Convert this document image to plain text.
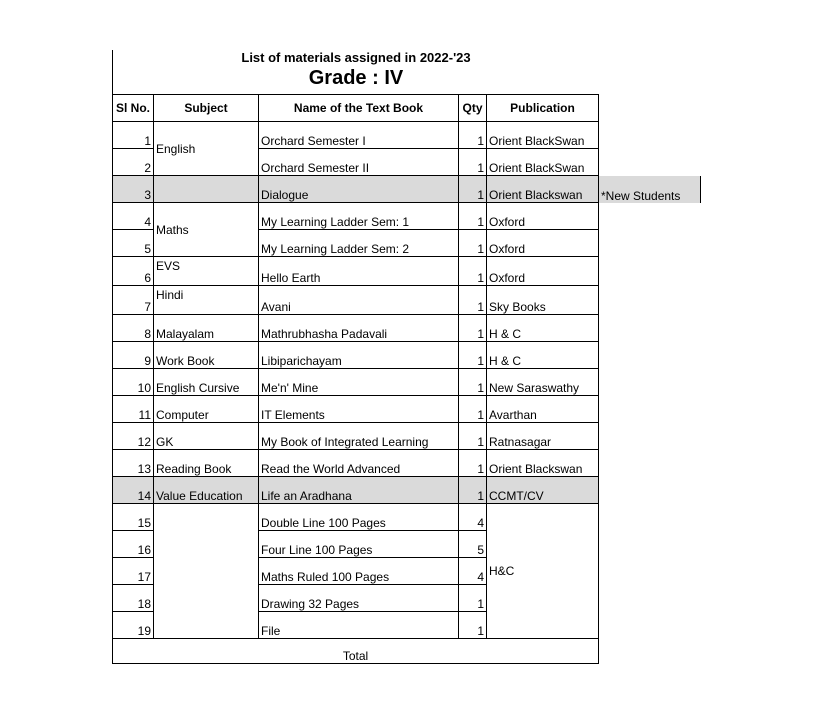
List of materials assigned in 2022-'23
Grade : IV
Sl No.	Subject	Name of the Text Book	Qty	Publication	
1	English	Orchard Semester I	1	Orient BlackSwan	
2		Orchard Semester II	1	Orient BlackSwan	
3		Dialogue	1	Orient Blackswan	*New Students
4	Maths	My Learning Ladder Sem: 1	1	Oxford	
5		My Learning Ladder Sem: 2	1	Oxford	
6	EVS	Hello Earth	1	Oxford	
7	Hindi	Avani	1	Sky Books	
8	Malayalam	Mathrubhasha Padavali	1	H & C	
9	Work Book	Libiparichayam	1	H & C	
10	English Cursive	Me'n' Mine	1	New Saraswathy	
11	Computer	IT Elements	1	Avarthan	
12	GK	My Book of Integrated Learning	1	Ratnasagar	
13	Reading Book	Read the World Advanced	1	Orient Blackswan	
14	Value Education	Life an Aradhana	1	CCMT/CV	
15		Double Line 100 Pages	4	H&C	
16		Four Line 100 Pages	5		
17		Maths Ruled 100 Pages	4		
18		Drawing 32 Pages	1		
19		File	1		
Total					
